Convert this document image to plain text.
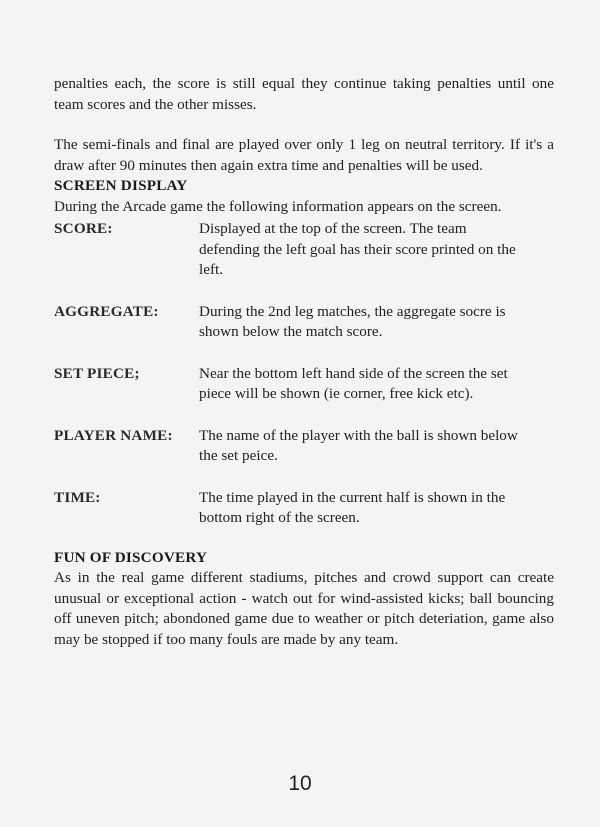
penalties each, the score is still equal they continue taking penalties until one team scores and the other misses.

The semi-finals and final are played over only 1 leg on neutral territory. If it's a draw after 90 minutes then again extra time and penalties will be used.

SCREEN DISPLAY

During the Arcade game the following information appears on the screen.

SCORE:	Displayed at the top of the screen. The team defending the left goal has their score printed on the left.
AGGREGATE:	During the 2nd leg matches, the aggregate socre is shown below the match score.
SET PIECE;	Near the bottom left hand side of the screen the set piece will be shown (ie corner, free kick etc).
PLAYER NAME:	The name of the player with the ball is shown below the set peice.
TIME:	The time played in the current half is shown in the bottom right of the screen.

FUN OF DISCOVERY

As in the real game different stadiums, pitches and crowd support can create unusual or exceptional action - watch out for wind-assisted kicks; ball bouncing off uneven pitch; abondoned game due to weather or pitch deteriation, game also may be stopped if too many fouls are made by any team.

10
